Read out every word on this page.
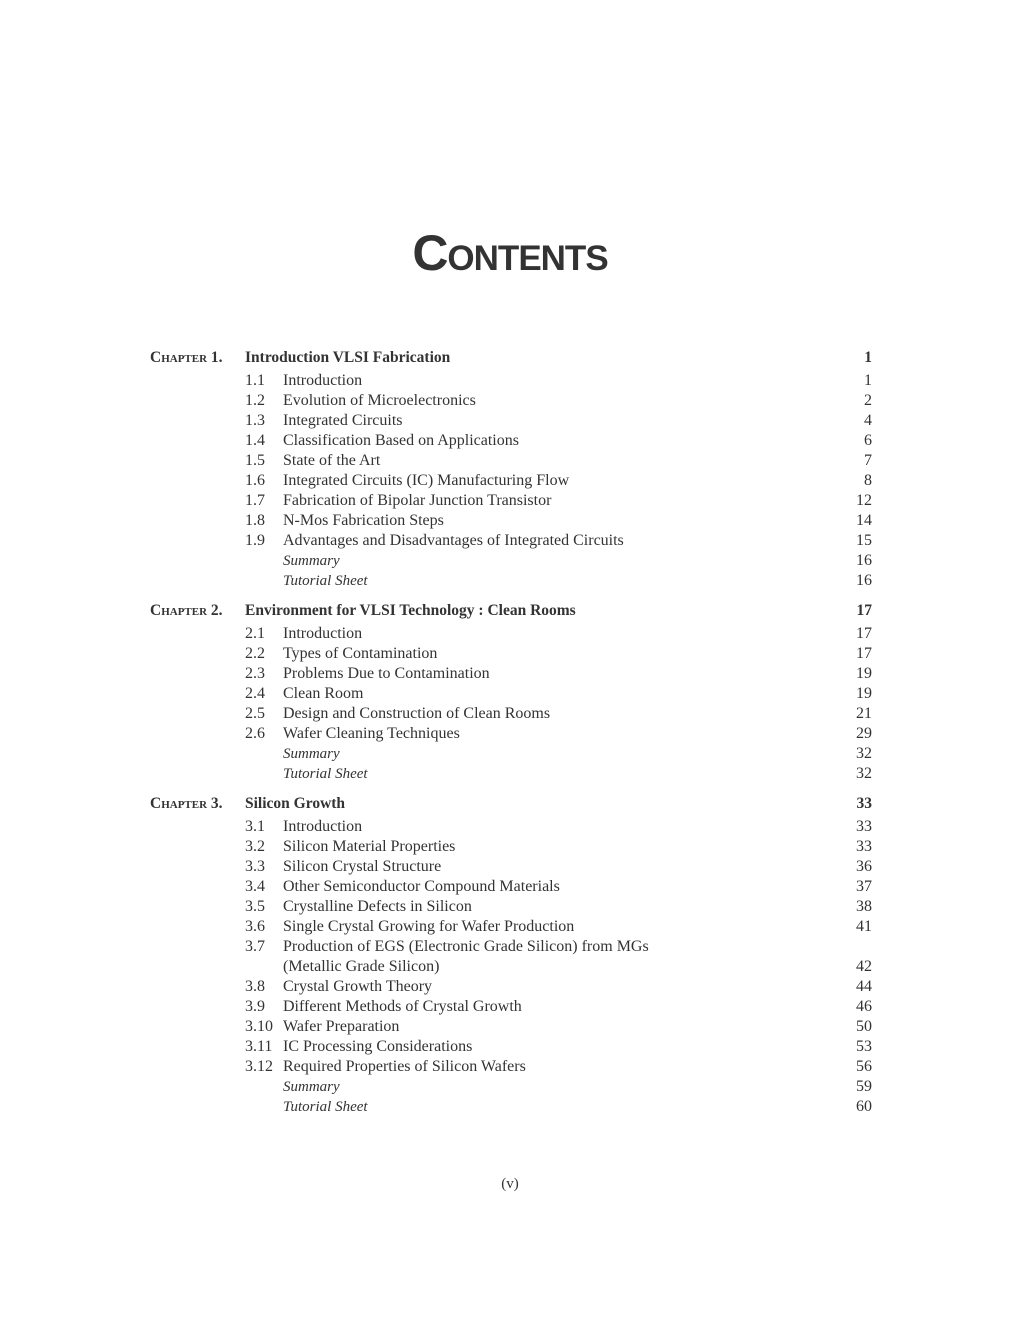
Contents
Chapter 1. Introduction VLSI Fabrication	1
1.1 Introduction	1
1.2 Evolution of Microelectronics	2
1.3 Integrated Circuits	4
1.4 Classification Based on Applications	6
1.5 State of the Art	7
1.6 Integrated Circuits (IC) Manufacturing Flow	8
1.7 Fabrication of Bipolar Junction Transistor	12
1.8 N-Mos Fabrication Steps	14
1.9 Advantages and Disadvantages of Integrated Circuits	15
Summary	16
Tutorial Sheet	16
Chapter 2. Environment for VLSI Technology : Clean Rooms	17
2.1 Introduction	17
2.2 Types of Contamination	17
2.3 Problems Due to Contamination	19
2.4 Clean Room	19
2.5 Design and Construction of Clean Rooms	21
2.6 Wafer Cleaning Techniques	29
Summary	32
Tutorial Sheet	32
Chapter 3. Silicon Growth	33
3.1 Introduction	33
3.2 Silicon Material Properties	33
3.3 Silicon Crystal Structure	36
3.4 Other Semiconductor Compound Materials	37
3.5 Crystalline Defects in Silicon	38
3.6 Single Crystal Growing for Wafer Production	41
3.7 Production of EGS (Electronic Grade Silicon) from MGs
(Metallic Grade Silicon)	42
3.8 Crystal Growth Theory	44
3.9 Different Methods of Crystal Growth	46
3.10 Wafer Preparation	50
3.11 IC Processing Considerations	53
3.12 Required Properties of Silicon Wafers	56
Summary	59
Tutorial Sheet	60
(v)
